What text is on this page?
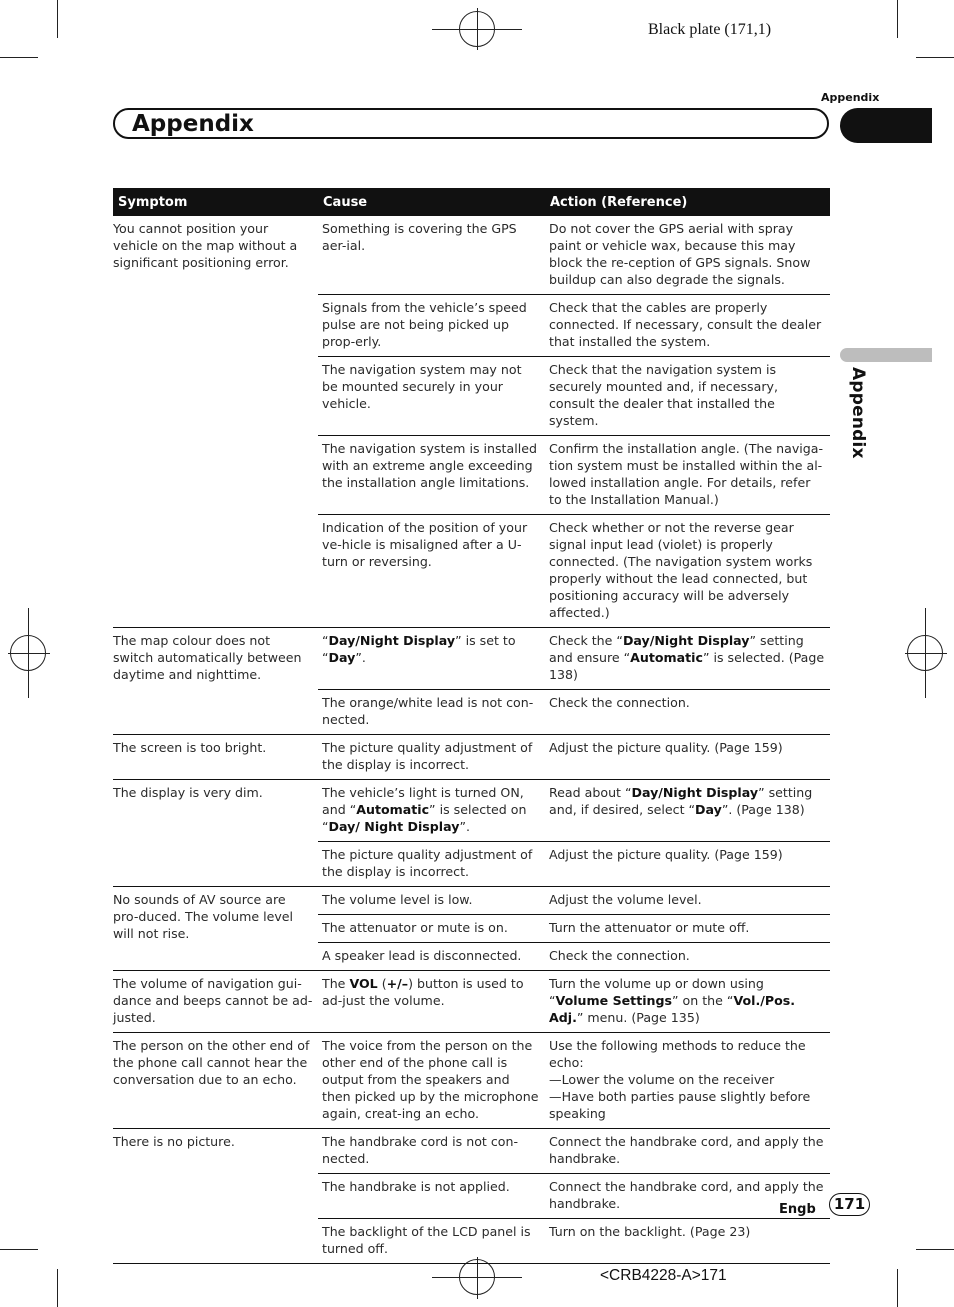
Black plate (171,1)
<CRB4228-A>171
Appendix
Appendix
Appendix
Symptom	Cause	Action (Reference)
You cannot position your vehicle on the map without a significant positioning error.	Something is covering the GPS aer-ial.	Do not cover the GPS aerial with spray paint or vehicle wax, because this may block the re-ception of GPS signals. Snow buildup can also degrade the signals.
	Signals from the vehicle’s speed pulse are not being picked up prop-erly.	Check that the cables are properly connected. If necessary, consult the dealer that installed the system.
	The navigation system may not be mounted securely in your vehicle.	Check that the navigation system is securely mounted and, if necessary, consult the dealer that installed the system.
	The navigation system is installed with an extreme angle exceeding the installation angle limitations.	Confirm the installation angle. (The naviga-tion system must be installed within the al-lowed installation angle. For details, refer to the Installation Manual.)
	Indication of the position of your ve-hicle is misaligned after a U-turn or reversing.	Check whether or not the reverse gear signal input lead (violet) is properly connected. (The navigation system works properly without the lead connected, but positioning accuracy will be adversely affected.)
The map colour does not switch automatically between daytime and nighttime.	“Day/Night Display” is set to “Day”.	Check the “Day/Night Display” setting and ensure “Automatic” is selected. (Page 138)
	The orange/white lead is not con-nected.	Check the connection.
The screen is too bright.	The picture quality adjustment of the display is incorrect.	Adjust the picture quality. (Page 159)
The display is very dim.	The vehicle’s light is turned ON, and “Automatic” is selected on “Day/ Night Display”.	Read about “Day/Night Display” setting and, if desired, select “Day”. (Page 138)
	The picture quality adjustment of the display is incorrect.	Adjust the picture quality. (Page 159)
No sounds of AV source are pro-duced. The volume level will not rise.	The volume level is low.	Adjust the volume level.
	The attenuator or mute is on.	Turn the attenuator or mute off.
	A speaker lead is disconnected.	Check the connection.
The volume of navigation gui-dance and beeps cannot be ad-justed.	The VOL (+/–) button is used to ad-just the volume.	Turn the volume up or down using “Volume Settings” on the “Vol./Pos. Adj.” menu. (Page 135)
The person on the other end of the phone call cannot hear the conversation due to an echo.	The voice from the person on the other end of the phone call is output from the speakers and then picked up by the microphone again, creat-ing an echo.	Use the following methods to reduce the echo:
—Lower the volume on the receiver
—Have both parties pause slightly before speaking

There is no picture.	The handbrake cord is not con-nected.	Connect the handbrake cord, and apply the handbrake.
	The handbrake is not applied.	Connect the handbrake cord, and apply the handbrake.
	The backlight of the LCD panel is turned off.	Turn on the backlight. (Page 23)
Engb	171
